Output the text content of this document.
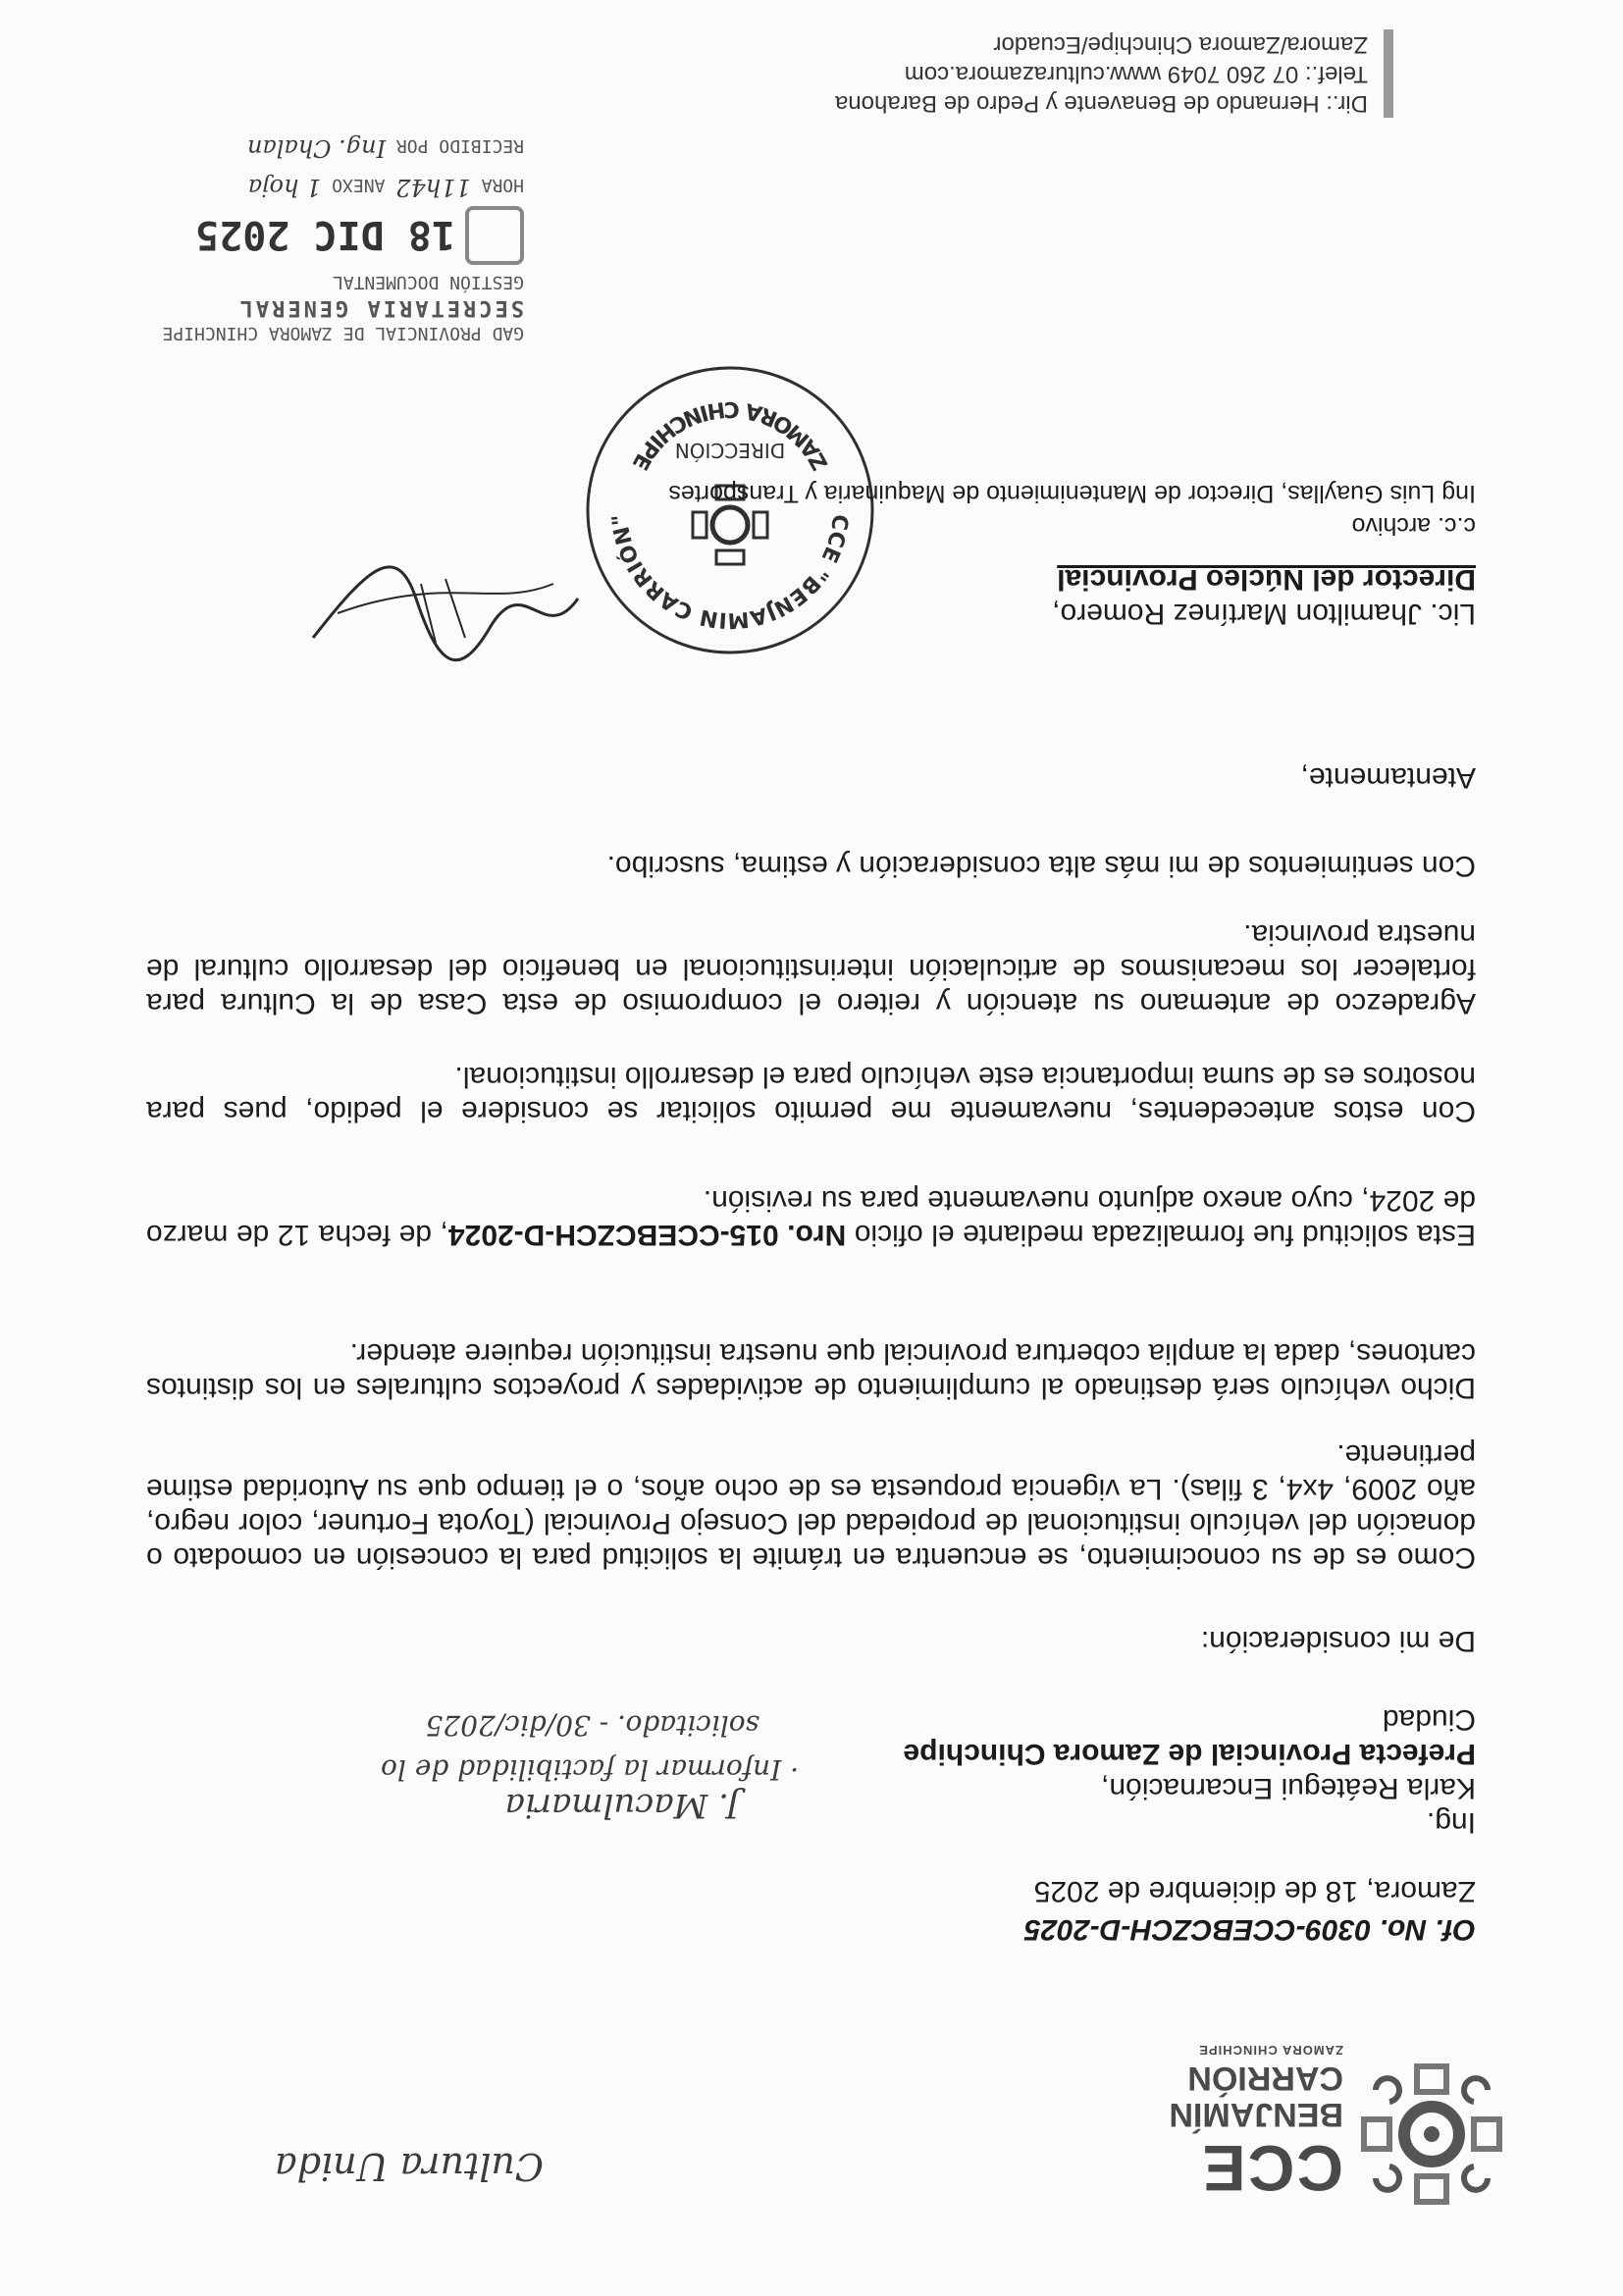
CCE
BENJAMÍN
CARRIÓN
ZAMORA CHINCHIPE
Cultura Unida
Of. No. 0309-CCEBCZCH-D-2025
Zamora, 18 de diciembre de 2025
Ing.
Karla Reátegui Encarnación,
Prefecta Provincial de Zamora Chinchipe
Ciudad
J. Maculmaria
· Informar la factibilidad de lo
solicitado. - 30/dic/2025
De mi consideración:
Como es de su conocimiento, se encuentra en trámite la solicitud para la concesión en comodato o donación del vehículo institucional de propiedad del Consejo Provincial (Toyota Fortuner, color negro, año 2009, 4x4, 3 filas). La vigencia propuesta es de ocho años, o el tiempo que su Autoridad estime pertinente.
Dicho vehículo será destinado al cumplimiento de actividades y proyectos culturales en los distintos cantones, dada la amplia cobertura provincial que nuestra institución requiere atender.
Esta solicitud fue formalizada mediante el oficio Nro. 015-CCEBCZCH-D-2024, de fecha 12 de marzo de 2024, cuyo anexo adjunto nuevamente para su revisión.
Con estos antecedentes, nuevamente me permito solicitar se considere el pedido, pues para nosotros es de suma importancia este vehículo para el desarrollo institucional.
Agradezco de antemano su atención y reitero el compromiso de esta Casa de la Cultura para fortalecer los mecanismos de articulación interinstitucional en beneficio del desarrollo cultural de nuestra provincia.
Con sentimientos de mi más alta consideración y estima, suscribo.
Atentamente,
CCE "BENJAMIN CARRIÓN"
ZAMORA CHINCHIPE	DIRECCIÓN
Lic. Jhamilton Martínez Romero,
Director del Núcleo Provincial
c.c. archivo
Ing Luis Guayllas, Director de Mantenimiento de Maquinaria y Transportes
GAD PROVINCIAL DE ZAMORA CHINCHIPE
SECRETARIA GENERAL
GESTIÓN DOCUMENTAL
18 DIC 2025
HORA 11h42 ANEXO 1 hoja
RECIBIDO POR Ing. Chalan
Dir.: Hernando de Benavente y Pedro de Barahona
Telef.: 07 260 7049 www.culturazamora.com
Zamora/Zamora Chinchipe/Ecuador
